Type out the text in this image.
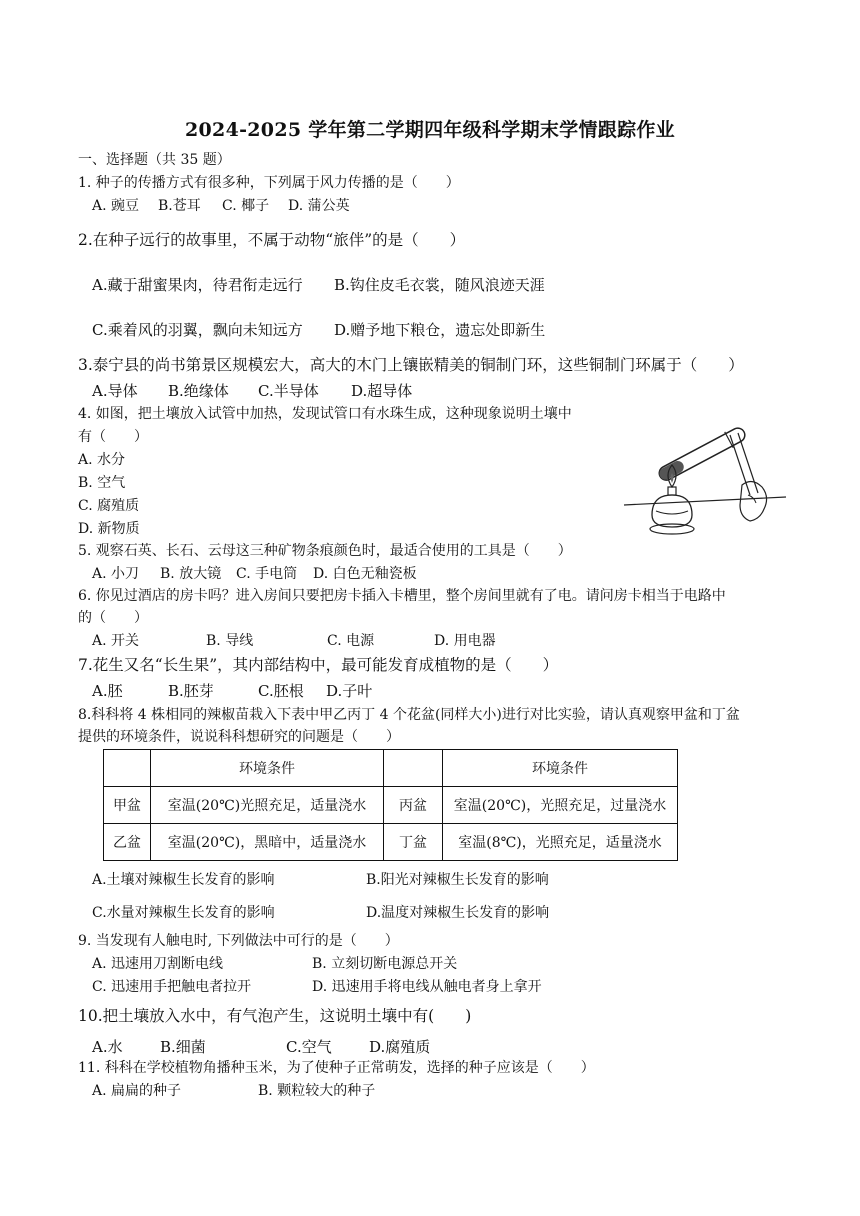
2024-2025 学年第二学期四年级科学期末学情跟踪作业
一、选择题（共 35 题）
1. 种子的传播方式有很多种，下列属于风力传播的是（　　）
A. 豌豆 B.苍耳 C. 椰子 D. 蒲公英
2.在种子远行的故事里，不属于动物“旅伴”的是（　　）
A.藏于甜蜜果肉，待君衔走远行 B.钩住皮毛衣裳，随风浪迹天涯
C.乘着风的羽翼，飘向未知远方 D.赠予地下粮仓，遗忘处即新生
3.泰宁县的尚书第景区规模宏大，高大的木门上镶嵌精美的铜制门环，这些铜制门环属于（　　）
A.导体 B.绝缘体 C.半导体 D.超导体
4. 如图，把土壤放入试管中加热，发现试管口有水珠生成，这种现象说明土壤中
有（　　）
A. 水分
B. 空气
C. 腐殖质
D. 新物质
5. 观察石英、长石、云母这三种矿物条痕颜色时，最适合使用的工具是（　　）
A. 小刀 B. 放大镜 C. 手电筒 D. 白色无釉瓷板
6. 你见过酒店的房卡吗？进入房间只要把房卡插入卡槽里，整个房间里就有了电。请问房卡相当于电路中
的（　　）
A. 开关	B. 导线	C. 电源	D. 用电器
7.花生又名“长生果”，其内部结构中，最可能发育成植物的是（　　）
A.胚	B.胚芽	C.胚根 D.子叶
8.科科将 4 株相同的辣椒苗栽入下表中甲乙丙丁 4 个花盆(同样大小)进行对比实验，请认真观察甲盆和丁盆
提供的环境条件，说说科科想研究的问题是（　　）
	环境条件		环境条件
甲盆	室温(20℃)光照充足，适量浇水	丙盆	室温(20℃)，光照充足，过量浇水
乙盆	室温(20℃)，黑暗中，适量浇水	丁盆	室温(8℃)，光照充足，适量浇水
A.土壤对辣椒生长发育的影响	B.阳光对辣椒生长发育的影响
C.水量对辣椒生长发育的影响	D.温度对辣椒生长发育的影响
9. 当发现有人触电时, 下列做法中可行的是（　　）
A. 迅速用刀割断电线	B. 立刻切断电源总开关
C. 迅速用手把触电者拉开	D. 迅速用手将电线从触电者身上拿开
10.把土壤放入水中，有气泡产生，这说明土壤中有(　　)
A.水 B.细菌	C.空气 D.腐殖质
11. 科科在学校植物角播种玉米，为了使种子正常萌发，选择的种子应该是（　　）
A. 扁扁的种子	B. 颗粒较大的种子
